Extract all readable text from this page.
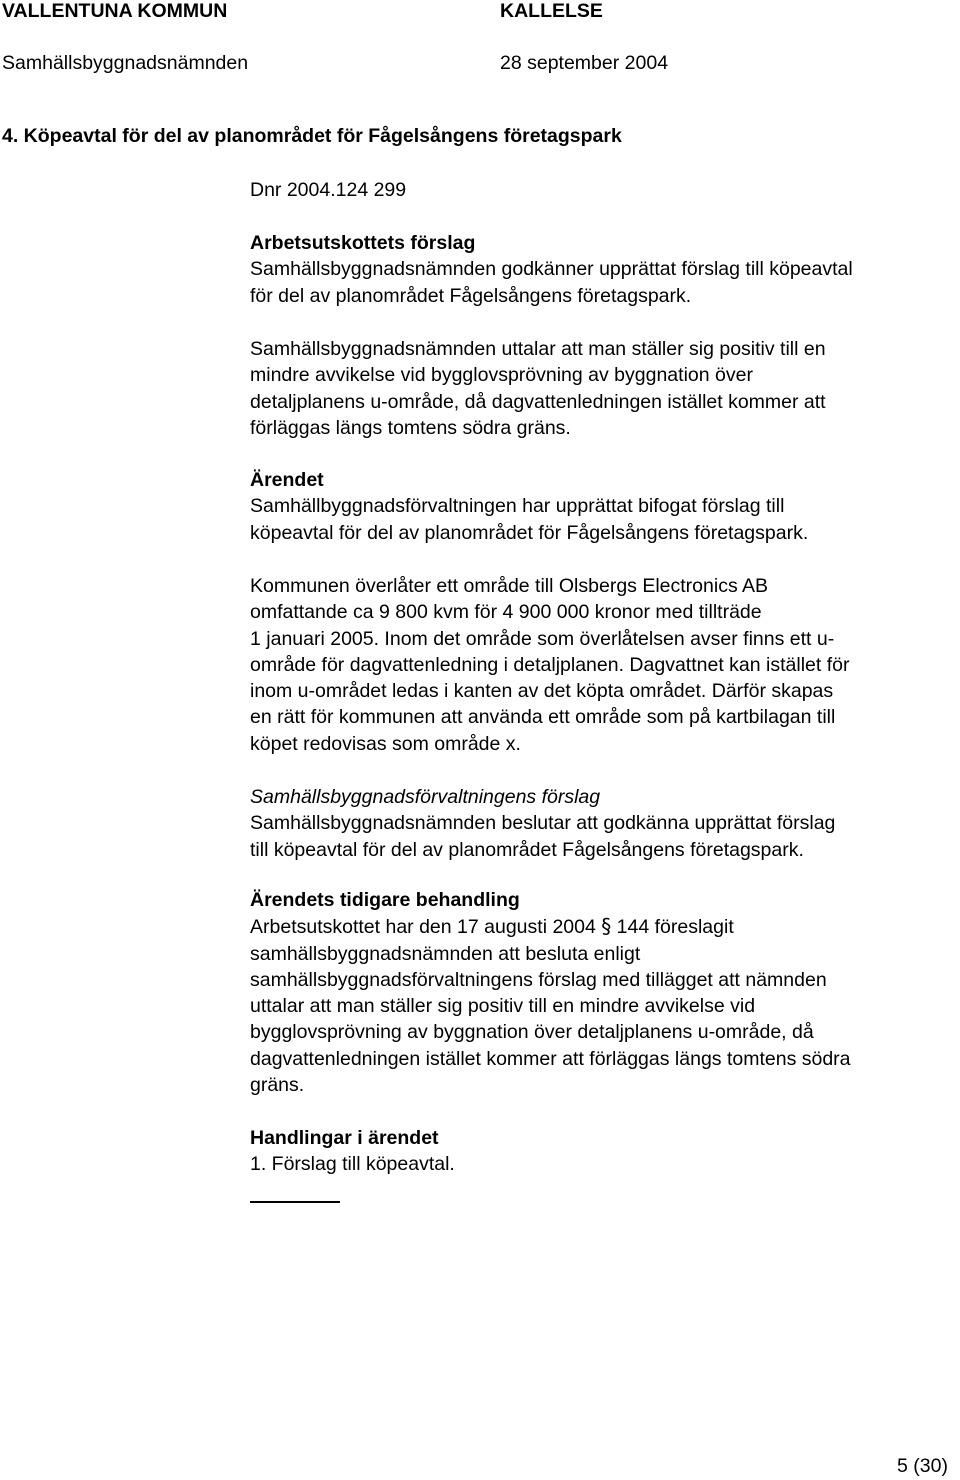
VALLENTUNA KOMMUN	KALLELSE
Samhällsbyggnadsnämnden	28 september 2004
4. Köpeavtal för del av planområdet för Fågelsångens företagspark
Dnr 2004.124 299
Arbetsutskottets förslag
Samhällsbyggnadsnämnden godkänner upprättat förslag till köpeavtal
för del av planområdet Fågelsångens företagspark.
Samhällsbyggnadsnämnden uttalar att man ställer sig positiv till en
mindre avvikelse vid bygglovsprövning av byggnation över
detaljplanens u-område, då dagvattenledningen istället kommer att
förläggas längs tomtens södra gräns.
Ärendet
Samhällbyggnadsförvaltningen har upprättat bifogat förslag till
köpeavtal för del av planområdet för Fågelsångens företagspark.
Kommunen överlåter ett område till Olsbergs Electronics AB
omfattande ca 9 800 kvm för 4 900 000 kronor med tillträde
1 januari 2005. Inom det område som överlåtelsen avser finns ett u-
område för dagvattenledning i detaljplanen. Dagvattnet kan istället för
inom u-området ledas i kanten av det köpta området. Därför skapas
en rätt för kommunen att använda ett område som på kartbilagan till
köpet redovisas som område x.
Samhällsbyggnadsförvaltningens förslag
Samhällsbyggnadsnämnden beslutar att godkänna upprättat förslag
till köpeavtal för del av planområdet Fågelsångens företagspark.
Ärendets tidigare behandling
Arbetsutskottet har den 17 augusti 2004 § 144 föreslagit
samhällsbyggnadsnämnden att besluta enligt
samhällsbyggnadsförvaltningens förslag med tillägget att nämnden
uttalar att man ställer sig positiv till en mindre avvikelse vid
bygglovsprövning av byggnation över detaljplanens u-område, då
dagvattenledningen istället kommer att förläggas längs tomtens södra
gräns.
Handlingar i ärendet
1. Förslag till köpeavtal.
5 (30)
